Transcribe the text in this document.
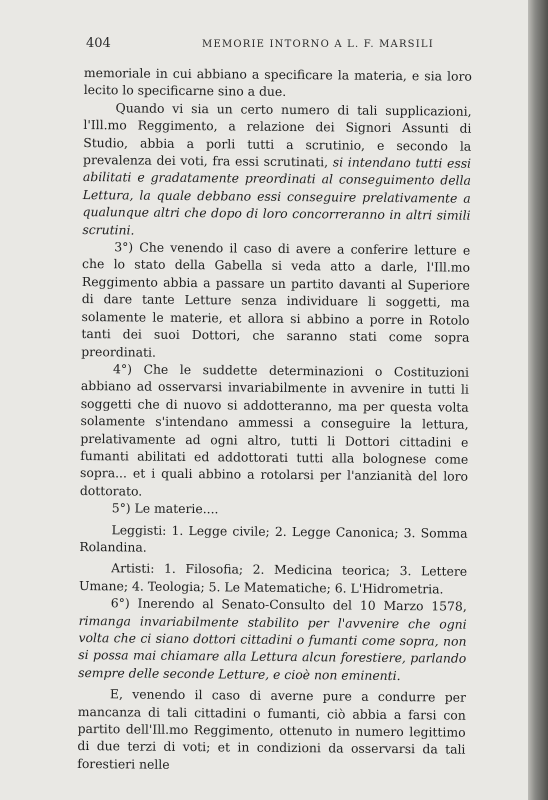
404	MEMORIE INTORNO A L. F. MARSILI

memoriale in cui abbiano a specificare la materia, e sia loro lecito lo specificarne sino a due.

Quando vi sia un certo numero di tali supplicazioni, l'Ill.mo Reggimento, a relazione dei Signori Assunti di Studio, abbia a porli tutti a scrutinio, e secondo la prevalenza dei voti, fra essi scrutinati, si intendano tutti essi abilitati e gradatamente preordinati al conseguimento della Lettura, la quale debbano essi conseguire prelativamente a qualunque altri che dopo di loro concorreranno in altri simili scrutini.

3°) Che venendo il caso di avere a conferire letture e che lo stato della Gabella si veda atto a darle, l'Ill.mo Reggimento abbia a passare un partito davanti al Superiore di dare tante Letture senza individuare li soggetti, ma solamente le materie, et allora si abbino a porre in Rotolo tanti dei suoi Dottori, che saranno stati come sopra preordinati.

4°) Che le suddette determinazioni o Costituzioni abbiano ad osservarsi invariabilmente in avvenire in tutti li soggetti che di nuovo si addotteranno, ma per questa volta solamente s'intendano ammessi a conseguire la lettura, prelativamente ad ogni altro, tutti li Dottori cittadini e fumanti abilitati ed addottorati tutti alla bolognese come sopra... et i quali abbino a rotolarsi per l'anzianità del loro dottorato.

5°) Le materie....

Leggisti: 1. Legge civile; 2. Legge Canonica; 3. Somma Rolandina.

Artisti: 1. Filosofia; 2. Medicina teorica; 3. Lettere Umane; 4. Teologia; 5. Le Matematiche; 6. L'Hidrometria.

6°) Inerendo al Senato-Consulto del 10 Marzo 1578, rimanga invariabilmente stabilito per l'avvenire che ogni volta che ci siano dottori cittadini o fumanti come sopra, non si possa mai chiamare alla Lettura alcun forestiere, parlando sempre delle seconde Letture, e cioè non eminenti.

E, venendo il caso di averne pure a condurre per mancanza di tali cittadini o fumanti, ciò abbia a farsi con partito dell'Ill.mo Reggimento, ottenuto in numero legittimo di due terzi di voti; et in condizioni da osservarsi da tali forestieri nelle
